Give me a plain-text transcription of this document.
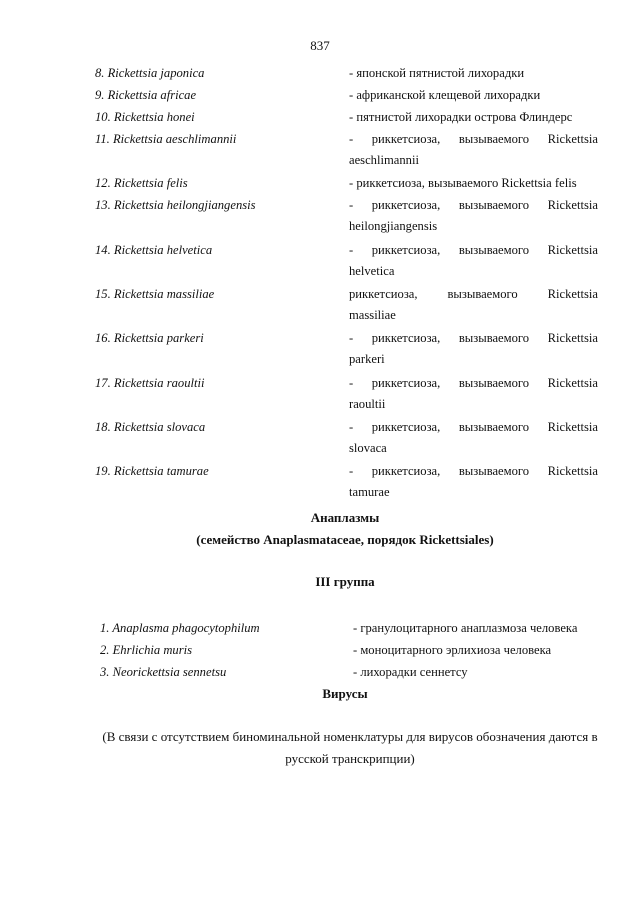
837
8. Rickettsia japonica	- японской пятнистой лихорадки
9. Rickettsia africae	- африканской клещевой лихорадки
10. Rickettsia honei	- пятнистой лихорадки острова Флиндерс
11. Rickettsia aeschlimannii	- риккетсиоза, вызываемого Rickettsia
aeschlimannii
12. Rickettsia felis	- риккетсиоза, вызываемого Rickettsia felis
13. Rickettsia heilongjiangensis	- риккетсиоза, вызываемого Rickettsia
heilongjiangensis
14. Rickettsia helvetica	- риккетсиоза, вызываемого Rickettsia
helvetica
15. Rickettsia massiliae	риккетсиоза, вызываемого Rickettsia
massiliae
16. Rickettsia parkeri	- риккетсиоза, вызываемого Rickettsia
parkeri
17. Rickettsia raoultii	- риккетсиоза, вызываемого Rickettsia
raoultii
18. Rickettsia slovaca	- риккетсиоза, вызываемого Rickettsia
slovaca
19. Rickettsia tamurae	- риккетсиоза, вызываемого Rickettsia
tamurae
Анаплазмы
(семейство Anaplasmataceae, порядок Rickettsiales)
III группа
1. Anaplasma phagocytophilum	- гранулоцитарного анаплазмоза человека
2. Ehrlichia muris	- моноцитарного эрлихиоза человека
3. Neorickettsia sennetsu	- лихорадки сеннетсу
Вирусы
(В связи с отсутствием биноминальной номенклатуры для вирусов обозначения даются в
русской транскрипции)
